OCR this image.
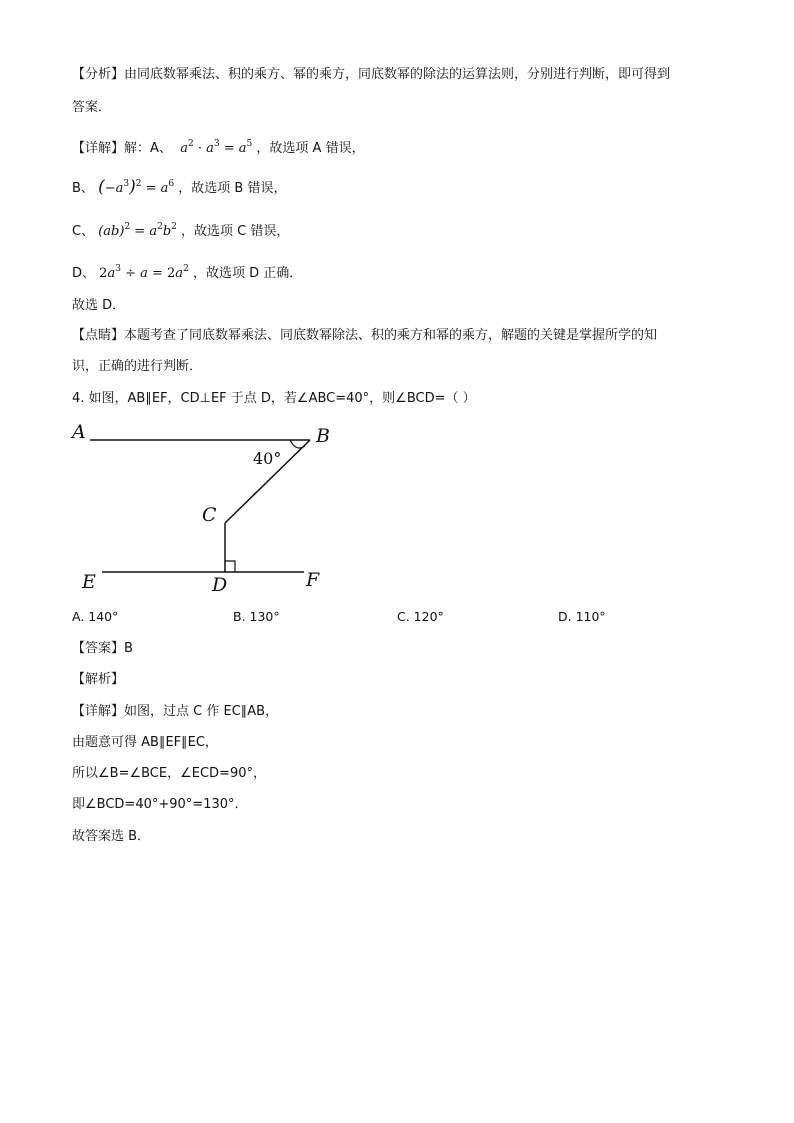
【分析】由同底数幂乘法、积的乘方、幂的乘方，同底数幂的除法的运算法则，分别进行判断，即可得到
答案．
【详解】解：A、 $a^2 \cdot a^3 = a^5$ ，故选项 A 错误，
B、 $(-a^3)^2 = a^6$ ，故选项 B 错误，
C、 $(ab)^2 = a^2b^2$ ，故选项 C 错误，
D、 $2a^3 \div a = 2a^2$ ，故选项 D 正确．
故选 D．
【点睛】本题考查了同底数幂乘法、同底数幂除法、积的乘方和幂的乘方，解题的关键是掌握所学的知
识，正确的进行判断．
4. 如图，AB∥EF，CD⊥EF 于点 D，若∠ABC=40°，则∠BCD=（ ）
A	B
C
D
E	F
40°
A. 140°	B. 130°	C. 120°	D. 110°
【答案】B
【解析】
【详解】如图，过点 C 作 EC∥AB，
由题意可得 AB∥EF∥EC，
所以∠B=∠BCE，∠ECD=90°，
即∠BCD=40°+90°=130°．
故答案选 B．
